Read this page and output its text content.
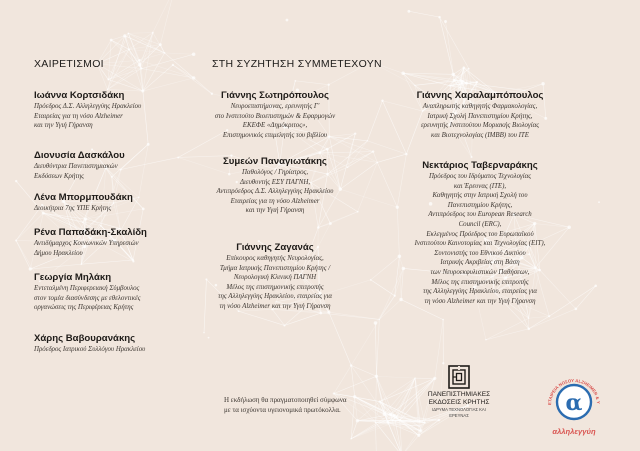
ΧΑΙΡΕΤΙΣΜΟΙ
Ιωάννα Κορτσιδάκη
Πρόεδρος Δ.Σ. Αλληλεγγύης Ηρακλείου
Εταιρείας για τη νόσο Alzheimer
και την Υγιή Γήρανση
Διονυσία Δασκάλου
Διευθύντρια Πανεπιστημιακών
Εκδόσεων Κρήτης
Λένα Μπορμπουδάκη
Διοικήτρια 7ης ΥΠΕ Κρήτης
Ρένα Παπαδάκη-Σκαλίδη
Αντιδήμαρχος Κοινωνικών Υπηρεσιών
Δήμου Ηρακλείου
Γεωργία Μηλάκη
Εντεταλμένη Περιφερειακή Σύμβουλος
στον τομέα διασύνδεσης με εθελοντικές
οργανώσεις της Περιφέρειας Κρήτης
Χάρης Βαβουρανάκης
Πρόεδρος Ιατρικού Συλλόγου Ηρακλείου
ΣΤΗ ΣΥΖΗΤΗΣΗ ΣΥΜΜΕΤΕΧΟΥΝ
Γιάννης Σωτηρόπουλος
Νευροεπιστήμονας, ερευνητής Γ'
στο Ινστιτούτο Βιοεπιστημών & Εφαρμογών
ΕΚΕΦΕ «Δημόκριτος»,
Επιστημονικός επιμελητής του βιβλίου
Συμεών Παναγιωτάκης
Παθολόγος / Γηρίατρος,
Διευθυντής ΕΣΥ ΠΑΓΝΗ,
Αντιπρόεδρος Δ.Σ. Αλληλεγγύης Ηρακλείου
Εταιρείας για τη νόσο Alzheimer
και την Υγιή Γήρανση
Γιάννης Ζαγανάς
Επίκουρος καθηγητής Νευρολογίας,
Τμήμα Ιατρικής Πανεπιστημίου Κρήτης /
Νευρολογική Κλινική ΠΑΓΝΗ
Μέλος της επιστημονικής επιτροπής
της Αλληλεγγύης Ηρακλείου, εταιρείας για
τη νόσο Alzheimer και την Υγιή Γήρανση
Γιάννης Χαραλαμπόπουλος
Αναπληρωτής καθηγητής Φαρμακολογίας,
Ιατρική Σχολή Πανεπιστημίου Κρήτης,
ερευνητής Ινστιτούτου Μοριακής Βιολογίας
και Βιοτεχνολογίας (IMBB) του ΙΤΕ
Νεκτάριος Ταβερναράκης
Πρόεδρος του Ιδρύματος Τεχνολογίας
και Έρευνας (ΙΤΕ),
Καθηγητής στην Ιατρική Σχολή του
Πανεπιστημίου Κρήτης,
Αντιπρόεδρος του European Research
Council (ERC),
Εκλεγμένος Πρόεδρος του Ευρωπαϊκού
Ινστιτούτου Καινοτομίας και Τεχνολογίας (EIT),
Συντονιστής του Εθνικού Δικτύου
Ιατρικής Ακριβείας στη Βάση
των Νευροεκφυλιστικών Παθήσεων,
Μέλος της επιστημονικής επιτροπής
της Αλληλεγγύης Ηρακλείου, εταιρείας για
τη νόσο Alzheimer και την Υγιή Γήρανση
Η εκδήλωση θα πραγματοποιηθεί σύμφωνα
με τα ισχύοντα υγειονομικά πρωτόκολλα.
ΠΑΝΕΠΙΣΤΗΜΙΑΚΕΣ
ΕΚΔΟΣΕΙΣ ΚΡΗΤΗΣ
ΙΔΡΥΜΑ ΤΕΧΝΟΛΟΓΙΑΣ ΚΑΙ ΕΡΕΥΝΑΣ
ΕΤΑΙΡΕΙΑ ΝΟΣΟΥ ALZHEIMER & Υ
α
αλληλεγγύη
